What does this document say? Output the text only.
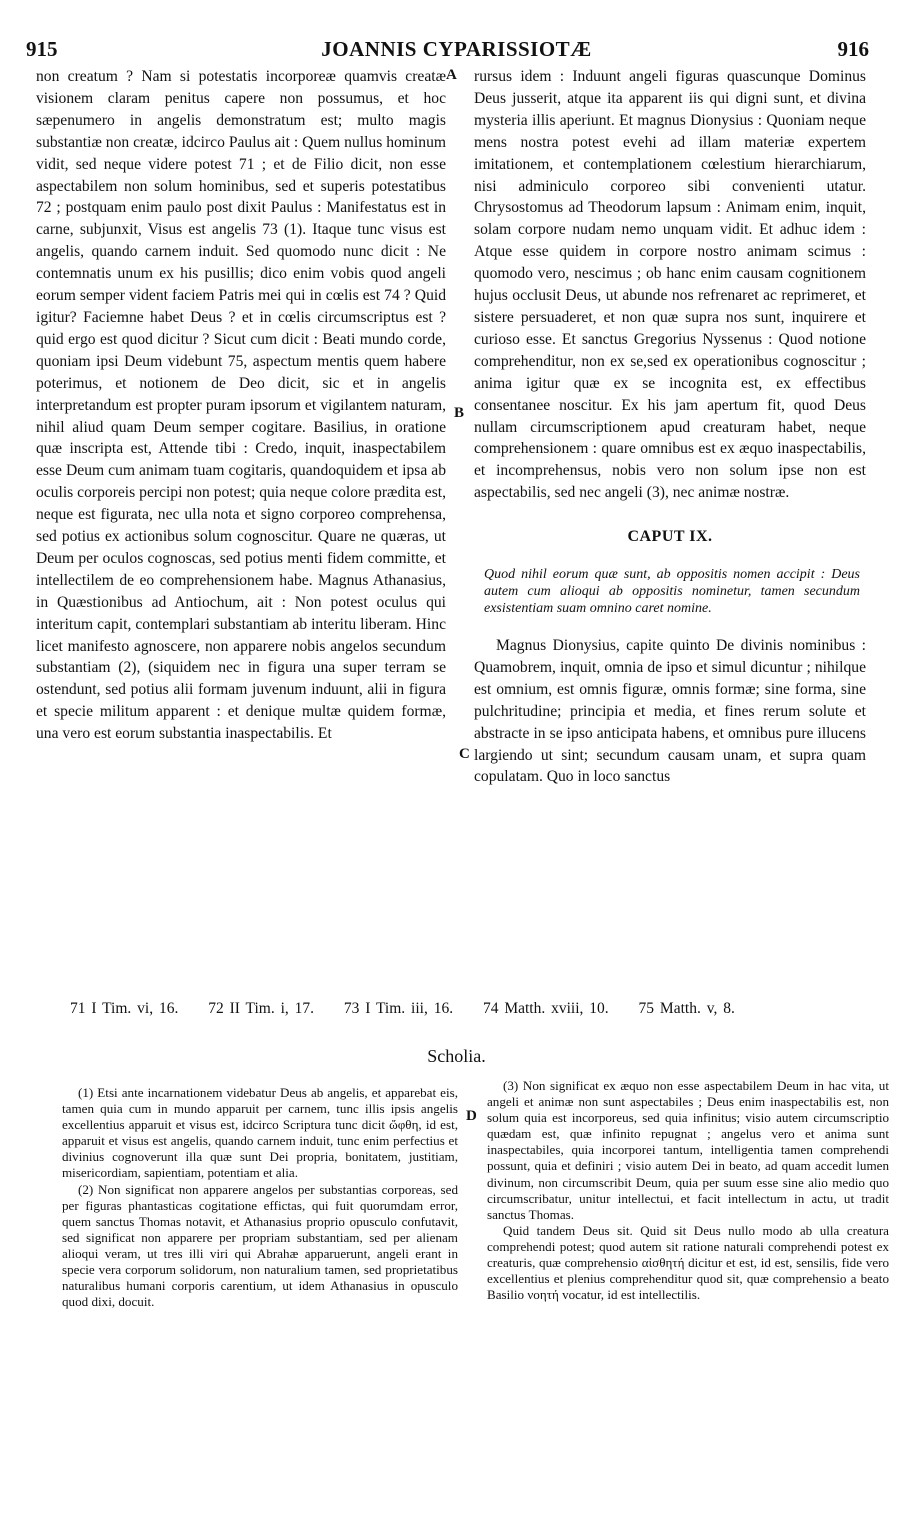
915	JOANNIS CYPARISSIOTÆ	916

non creatum ? Nam si potestatis incorporeæ quamvis creatæ visionem claram penitus capere non possumus, et hoc sæpenumero in angelis demonstratum est; multo magis substantiæ non creatæ, idcirco Paulus ait : Quem nullus hominum vidit, sed neque videre potest 71 ; et de Filio dicit, non esse aspectabilem non solum hominibus, sed et superis potestatibus 72 ; postquam enim paulo post dixit Paulus : Manifestatus est in carne, subjunxit, Visus est angelis 73 (1). Itaque tunc visus est angelis, quando carnem induit. Sed quomodo nunc dicit : Ne contemnatis unum ex his pusillis; dico enim vobis quod angeli eorum semper vident faciem Patris mei qui in cœlis est 74 ? Quid igitur? Faciemne habet Deus ? et in cœlis circumscriptus est ? quid ergo est quod dicitur ? Sicut cum dicit : Beati mundo corde, quoniam ipsi Deum videbunt 75, aspectum mentis quem habere poterimus, et notionem de Deo dicit, sic et in angelis interpretandum est propter puram ipsorum et vigilantem naturam, nihil aliud quam Deum semper cogitare. Basilius, in oratione quæ inscripta est, Attende tibi : Credo, inquit, inaspectabilem esse Deum cum animam tuam cogitaris, quandoquidem et ipsa ab oculis corporeis percipi non potest; quia neque colore prædita est, neque est figurata, nec ulla nota et signo corporeo comprehensa, sed potius ex actionibus solum cognoscitur. Quare ne quæras, ut Deum per oculos cognoscas, sed potius menti fidem committe, et intellectilem de eo comprehensionem habe. Magnus Athanasius, in Quæstionibus ad Antiochum, ait : Non potest oculus qui interitum capit, contemplari substantiam ab interitu liberam. Hinc licet manifesto agnoscere, non apparere nobis angelos secundum substantiam (2), (siquidem nec in figura una super terram se ostendunt, sed potius alii formam juvenum induunt, alii in figura et specie militum apparent : et denique multæ quidem formæ, una vero est eorum substantia inaspectabilis. Et

A
B
C
D

rursus idem : Induunt angeli figuras quascunque Dominus Deus jusserit, atque ita apparent iis qui digni sunt, et divina mysteria illis aperiunt. Et magnus Dionysius : Quoniam neque mens nostra potest evehi ad illam materiæ expertem imitationem, et contemplationem cœlestium hierarchiarum, nisi adminiculo corporeo sibi convenienti utatur. Chrysostomus ad Theodorum lapsum : Animam enim, inquit, solam corpore nudam nemo unquam vidit. Et adhuc idem : Atque esse quidem in corpore nostro animam scimus : quomodo vero, nescimus ; ob hanc enim causam cognitionem hujus occlusit Deus, ut abunde nos refrenaret ac reprimeret, et sistere persuaderet, et non quæ supra nos sunt, inquirere et curioso esse. Et sanctus Gregorius Nyssenus : Quod notione comprehenditur, non ex se,sed ex operationibus cognoscitur ; anima igitur quæ ex se incognita est, ex effectibus consentanee noscitur. Ex his jam apertum fit, quod Deus nullam circumscriptionem apud creaturam habet, neque comprehensionem : quare omnibus est ex æquo inaspectabilis, et incomprehensus, nobis vero non solum ipse non est aspectabilis, sed nec angeli (3), nec animæ nostræ.

CAPUT IX.
Quod nihil eorum quæ sunt, ab oppositis nomen accipit : Deus autem cum alioqui ab oppositis nominetur, tamen secundum exsistentiam suam omnino caret nomine.

Magnus Dionysius, capite quinto De divinis nominibus : Quamobrem, inquit, omnia de ipso et simul dicuntur ; nihilque est omnium, est omnis figuræ, omnis formæ; sine forma, sine pulchritudine; principia et media, et fines rerum solute et abstracte in se ipso anticipata habens, et omnibus pure illucens largiendo ut sint; secundum causam unam, et supra quam copulatam. Quo in loco sanctus

71 I Tim. vi, 16. 72 II Tim. i, 17. 73 I Tim. iii, 16. 74 Matth. xviii, 10. 75 Matth. v, 8.
Scholia.

(1) Etsi ante incarnationem videbatur Deus ab angelis, et apparebat eis, tamen quia cum in mundo apparuit per carnem, tunc illis ipsis angelis excellentius apparuit et visus est, idcirco Scriptura tunc dicit ὤφθη, id est, apparuit et visus est angelis, quando carnem induit, tunc enim perfectius et divinius cognoverunt illa quæ sunt Dei propria, bonitatem, justitiam, misericordiam, sapientiam, potentiam et alia.

(2) Non significat non apparere angelos per substantias corporeas, sed per figuras phantasticas cogitatione effictas, qui fuit quorumdam error, quem sanctus Thomas notavit, et Athanasius proprio opusculo confutavit, sed significat non apparere per propriam substantiam, sed per alienam alioqui veram, ut tres illi viri qui Abrahæ apparuerunt, angeli erant in specie vera corporum solidorum, non naturalium tamen, sed proprietatibus naturalibus humani corporis carentium, ut idem Athanasius in opusculo quod dixi, docuit.

(3) Non significat ex æquo non esse aspectabilem Deum in hac vita, ut angeli et animæ non sunt aspectabiles ; Deus enim inaspectabilis est, non solum quia est incorporeus, sed quia infinitus; visio autem circumscriptio quædam est, quæ infinito repugnat ; angelus vero et anima sunt inaspectabiles, quia incorporei tantum, intelligentia tamen comprehendi possunt, quia et definiri ; visio autem Dei in beato, ad quam accedit lumen divinum, non circumscribit Deum, quia per suum esse sine alio medio quo circumscribatur, unitur intellectui, et facit intellectum in actu, ut tradit sanctus Thomas.

Quid tandem Deus sit. Quid sit Deus nullo modo ab ulla creatura comprehendi potest; quod autem sit ratione naturali comprehendi potest ex creaturis, quæ comprehensio αἰσθητή dicitur et est, id est, sensilis, fide vero excellentius et plenius comprehenditur quod sit, quæ comprehensio a beato Basilio νοητή vocatur, id est intellectilis.
